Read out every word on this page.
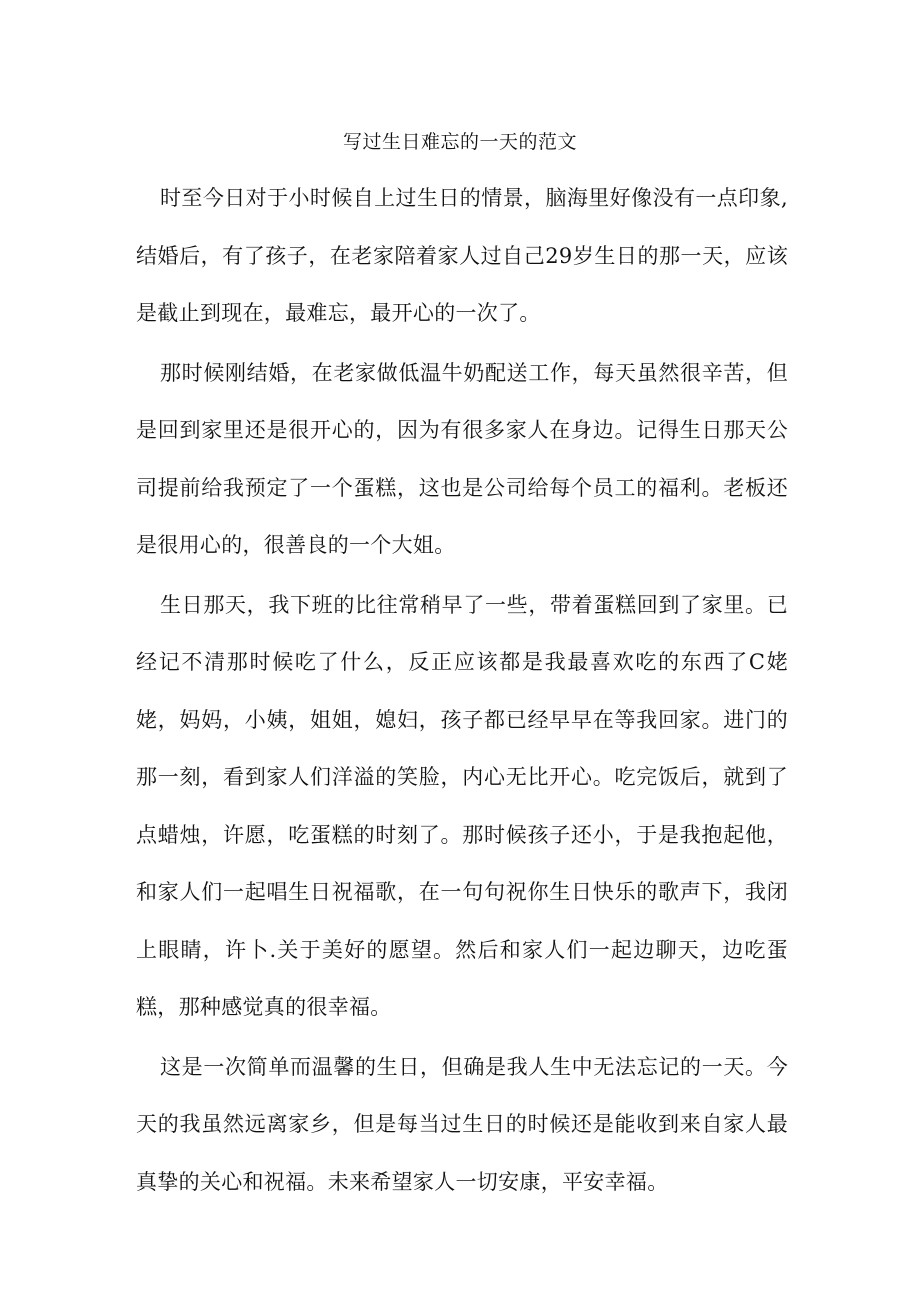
写过生日难忘的一天的范文

时至今日对于小时候自上过生日的情景，脑海里好像没有一点印象,结婚后，有了孩子，在老家陪着家人过自己29岁生日的那一天，应该是截止到现在，最难忘，最开心的一次了。

那时候刚结婚，在老家做低温牛奶配送工作，每天虽然很辛苦，但是回到家里还是很开心的，因为有很多家人在身边。记得生日那天公司提前给我预定了一个蛋糕，这也是公司给每个员工的福利。老板还是很用心的，很善良的一个大姐。

生日那天，我下班的比往常稍早了一些，带着蛋糕回到了家里。已经记不清那时候吃了什么，反正应该都是我最喜欢吃的东西了C姥姥，妈妈，小姨，姐姐，媳妇，孩子都已经早早在等我回家。进门的那一刻，看到家人们洋溢的笑脸，内心无比开心。吃完饭后，就到了点蜡烛，许愿，吃蛋糕的时刻了。那时候孩子还小，于是我抱起他，和家人们一起唱生日祝福歌，在一句句祝你生日快乐的歌声下，我闭上眼睛，许卜.关于美好的愿望。然后和家人们一起边聊天，边吃蛋糕，那种感觉真的很幸福。

这是一次简单而温馨的生日，但确是我人生中无法忘记的一天。今天的我虽然远离家乡，但是每当过生日的时候还是能收到来自家人最真挚的关心和祝福。未来希望家人一切安康，平安幸福。
